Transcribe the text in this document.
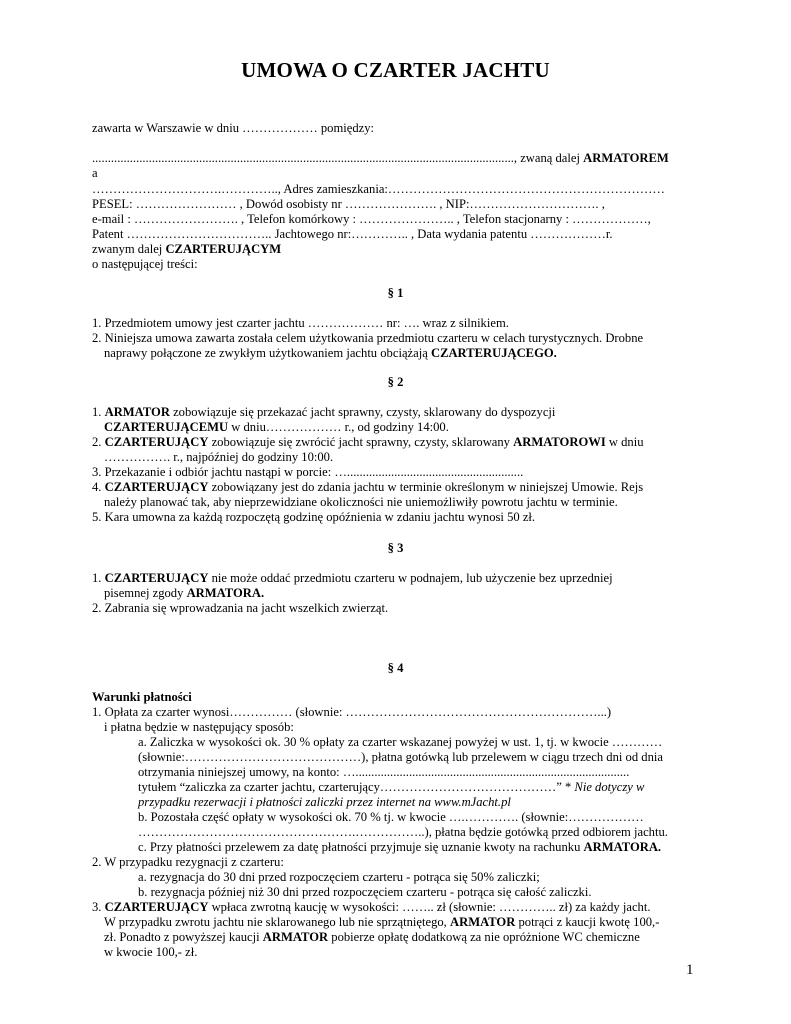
UMOWA O CZARTER JACHTU
zawarta w Warszawie w dniu ……………… pomiędzy:
......................................................................................................................................, zwaną dalej ARMATOREM
a
………………………….………….., Adres zamieszkania:…………………………………………………………
PESEL: …………………… , Dowód osobisty nr …………………. , NIP:…………………………. ,
e-mail : ……………………. , Telefon komórkowy : ………………….. , Telefon stacjonarny : ………………,
Patent …………………………….. Jachtowego nr:………….. , Data wydania patentu ………………r.
zwanym dalej CZARTERUJĄCYM
o następującej treści:
§ 1
1. Przedmiotem umowy jest czarter jachtu ……………… nr: …. wraz z silnikiem.
2. Niniejsza umowa zawarta została celem użytkowania przedmiotu czarteru w celach turystycznych. Drobne
naprawy połączone ze zwykłym użytkowaniem jachtu obciążają CZARTERUJĄCEGO.
§ 2
1. ARMATOR zobowiązuje się przekazać jacht sprawny, czysty, sklarowany do dyspozycji
CZARTERUJĄCEMU w dniu……………… r., od godziny 14:00.
2. CZARTERUJĄCY zobowiązuje się zwrócić jacht sprawny, czysty, sklarowany ARMATOROWI w dniu
……………. r., najpóźniej do godziny 10:00.
3. Przekazanie i odbiór jachtu nastąpi w porcie: …........................................................
4. CZARTERUJĄCY zobowiązany jest do zdania jachtu w terminie określonym w niniejszej Umowie. Rejs
należy planować tak, aby nieprzewidziane okoliczności nie uniemożliwiły powrotu jachtu w terminie.
5. Kara umowna za każdą rozpoczętą godzinę opóźnienia w zdaniu jachtu wynosi 50 zł.
§ 3
1. CZARTERUJĄCY nie może oddać przedmiotu czarteru w podnajem, lub użyczenie bez uprzedniej
pisemnej zgody ARMATORA.
2. Zabrania się wprowadzania na jacht wszelkich zwierząt.
§ 4
Warunki płatności
1. Opłata za czarter wynosi…………… (słownie: ……………………………………………………...)
i płatna będzie w następujący sposób:
a. Zaliczka w wysokości ok. 30 % opłaty za czarter wskazanej powyżej w ust. 1, tj. w kwocie …………
(słownie:……………………………………), płatna gotówką lub przelewem w ciągu trzech dni od dnia
otrzymania niniejszej umowy, na konto: ….......................................................................................
tytułem “zaliczka za czarter jachtu, czarterujący……………………………………” * Nie dotyczy w
przypadku rezerwacji i płatności zaliczki przez internet na www.mJacht.pl
b. Pozostała część opłaty w wysokości ok. 70 % tj. w kwocie ….…………. (słownie:………………
…………………………………………….……………..), płatna będzie gotówką przed odbiorem jachtu.
c. Przy płatności przelewem za datę płatności przyjmuje się uznanie kwoty na rachunku ARMATORA.
2. W przypadku rezygnacji z czarteru:
a. rezygnacja do 30 dni przed rozpoczęciem czarteru - potrąca się 50% zaliczki;
b. rezygnacja później niż 30 dni przed rozpoczęciem czarteru - potrąca się całość zaliczki.
3. CZARTERUJĄCY wpłaca zwrotną kaucję w wysokości: …….. zł (słownie: ………….. zł) za każdy jacht.
W przypadku zwrotu jachtu nie sklarowanego lub nie sprzątniętego, ARMATOR potrąci z kaucji kwotę 100,-
zł. Ponadto z powyższej kaucji ARMATOR pobierze opłatę dodatkową za nie opróżnione WC chemiczne
w kwocie 100,- zł.
1
